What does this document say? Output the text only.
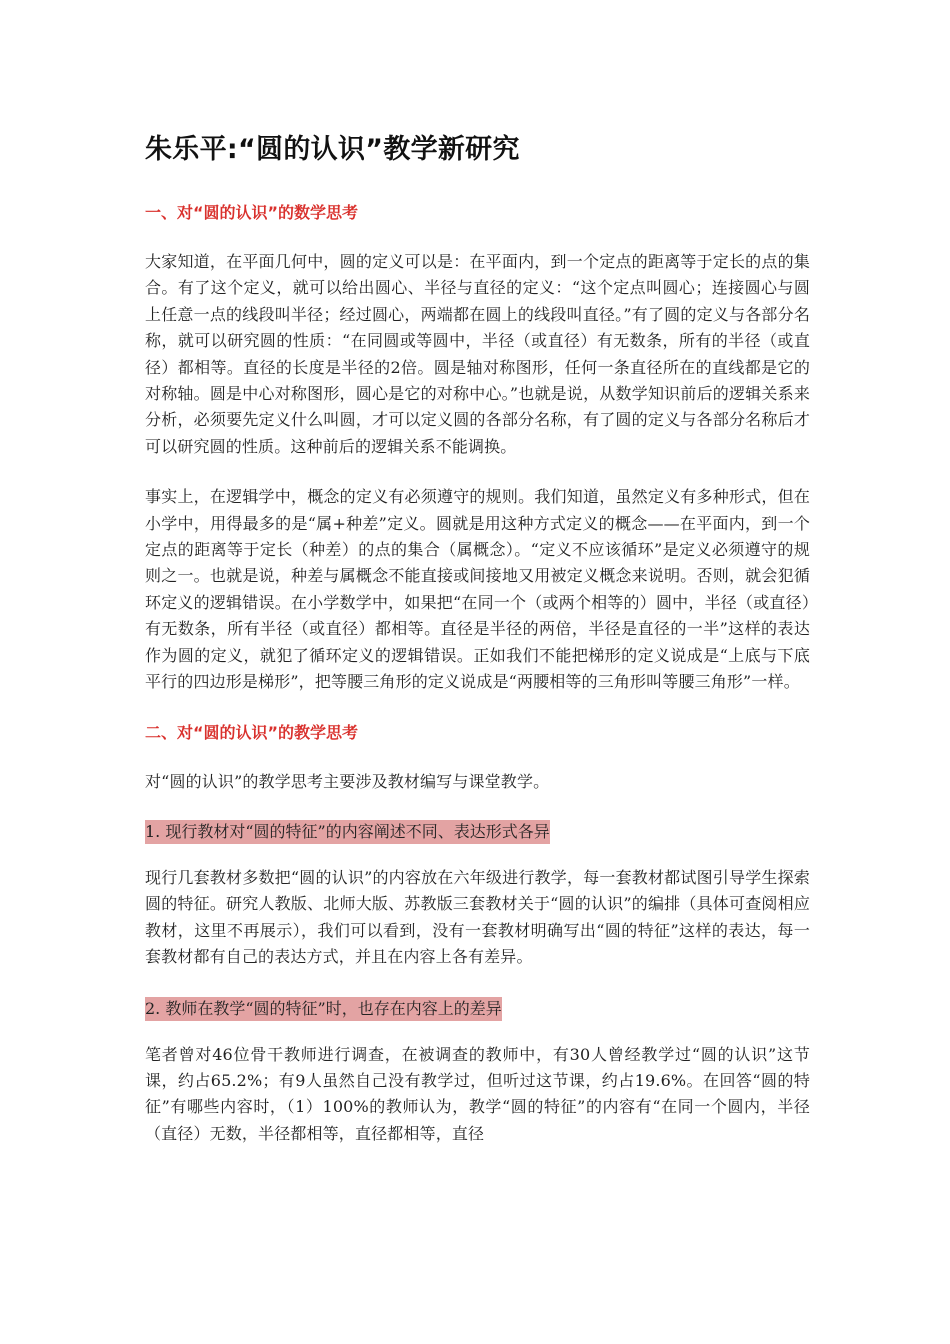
朱乐平:“圆的认识”教学新研究
一、对“圆的认识”的数学思考

大家知道，在平面几何中，圆的定义可以是：在平面内，到一个定点的距离等于定长的点的集合。有了这个定义，就可以给出圆心、半径与直径的定义：“这个定点叫圆心；连接圆心与圆上任意一点的线段叫半径；经过圆心，两端都在圆上的线段叫直径。”有了圆的定义与各部分名称，就可以研究圆的性质：“在同圆或等圆中，半径（或直径）有无数条，所有的半径（或直径）都相等。直径的长度是半径的2倍。圆是轴对称图形，任何一条直径所在的直线都是它的对称轴。圆是中心对称图形，圆心是它的对称中心。”也就是说，从数学知识前后的逻辑关系来分析，必须要先定义什么叫圆，才可以定义圆的各部分名称，有了圆的定义与各部分名称后才可以研究圆的性质。这种前后的逻辑关系不能调换。

事实上，在逻辑学中，概念的定义有必须遵守的规则。我们知道，虽然定义有多种形式，但在小学中，用得最多的是“属+种差”定义。圆就是用这种方式定义的概念——在平面内，到一个定点的距离等于定长（种差）的点的集合（属概念）。“定义不应该循环”是定义必须遵守的规则之一。也就是说，种差与属概念不能直接或间接地又用被定义概念来说明。否则，就会犯循环定义的逻辑错误。在小学数学中，如果把“在同一个（或两个相等的）圆中，半径（或直径）有无数条，所有半径（或直径）都相等。直径是半径的两倍，半径是直径的一半”这样的表达作为圆的定义，就犯了循环定义的逻辑错误。正如我们不能把梯形的定义说成是“上底与下底平行的四边形是梯形”，把等腰三角形的定义说成是“两腰相等的三角形叫等腰三角形”一样。

二、对“圆的认识”的教学思考

对“圆的认识”的教学思考主要涉及教材编写与课堂教学。

1. 现行教材对“圆的特征”的内容阐述不同、表达形式各异

现行几套教材多数把“圆的认识”的内容放在六年级进行教学，每一套教材都试图引导学生探索圆的特征。研究人教版、北师大版、苏教版三套教材关于“圆的认识”的编排（具体可查阅相应教材，这里不再展示），我们可以看到，没有一套教材明确写出“圆的特征”这样的表达，每一套教材都有自己的表达方式，并且在内容上各有差异。

2. 教师在教学“圆的特征”时，也存在内容上的差异

笔者曾对46位骨干教师进行调查，在被调查的教师中，有30人曾经教学过“圆的认识”这节课，约占65.2%；有9人虽然自己没有教学过，但听过这节课，约占19.6%。在回答“圆的特征”有哪些内容时，（1）100%的教师认为，教学“圆的特征”的内容有“在同一个圆内，半径（直径）无数，半径都相等，直径都相等，直径
